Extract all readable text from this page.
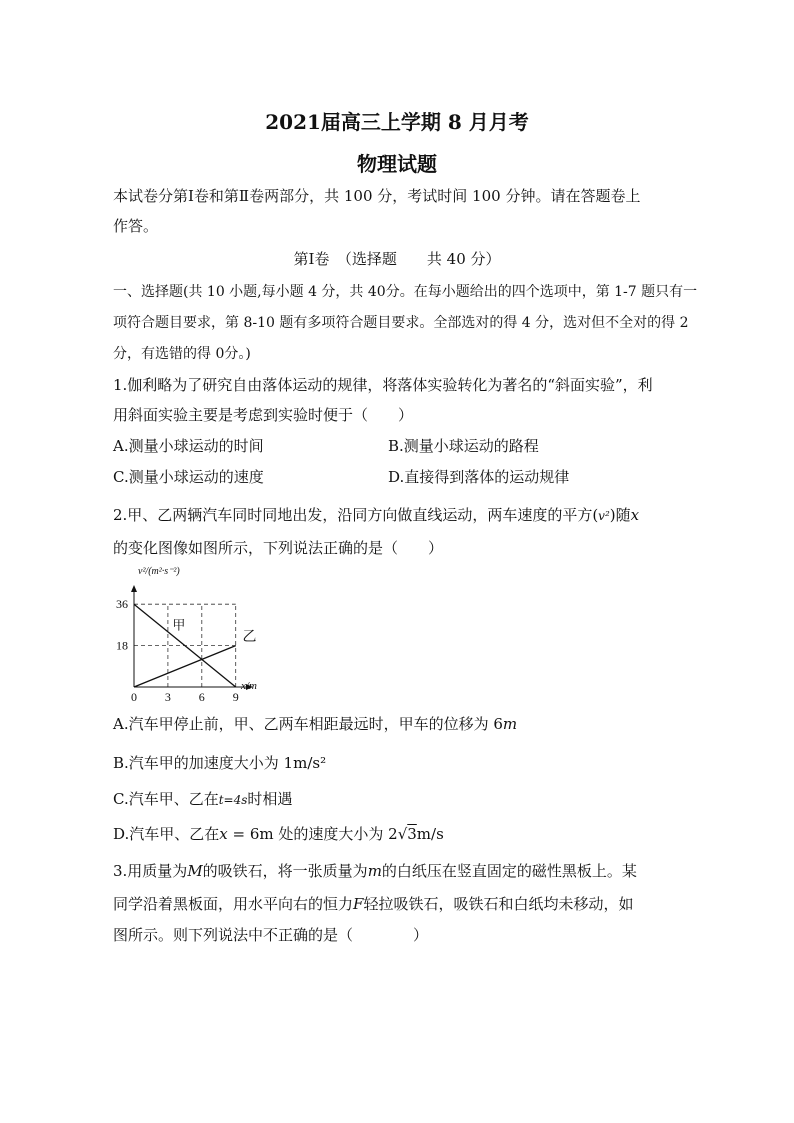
2021届高三上学期 8 月月考
物理试题
本试卷分第Ⅰ卷和第Ⅱ卷两部分，共 100 分，考试时间 100 分钟。请在答题卷上
作答。
第Ⅰ卷　（选择题　　共 40 分）
一、选择题(共 10 小题,每小题 4 分，共 40分。在每小题给出的四个选项中，第 1-7 题只有一
项符合题目要求，第 8-10 题有多项符合题目要求。全部选对的得 4 分，选对但不全对的得 2
分，有选错的得 0分。)
1.伽利略为了研究自由落体运动的规律，将落体实验转化为著名的“斜面实验”，利
用斜面实验主要是考虑到实验时便于（　　）
A.测量小球运动的时间	B.测量小球运动的路程
C.测量小球运动的速度	D.直接得到落体的运动规律
2.甲、乙两辆汽车同时同地出发，沿同方向做直线运动，两车速度的平方(v²)随x
的变化图像如图所示，下列说法正确的是（　　）
甲
乙
0 3 6 9
36
18
v²/(m²·s⁻²)
x/m
A.汽车甲停止前，甲、乙两车相距最远时，甲车的位移为 6m
B.汽车甲的加速度大小为 1m/s²
C.汽车甲、乙在t=4s时相遇
D.汽车甲、乙在x = 6m 处的速度大小为 2√3m/s
3.用质量为M的吸铁石，将一张质量为m的白纸压在竖直固定的磁性黑板上。某
同学沿着黑板面，用水平向右的恒力F轻拉吸铁石，吸铁石和白纸均未移动，如
图所示。则下列说法中不正确的是（　　　　）
